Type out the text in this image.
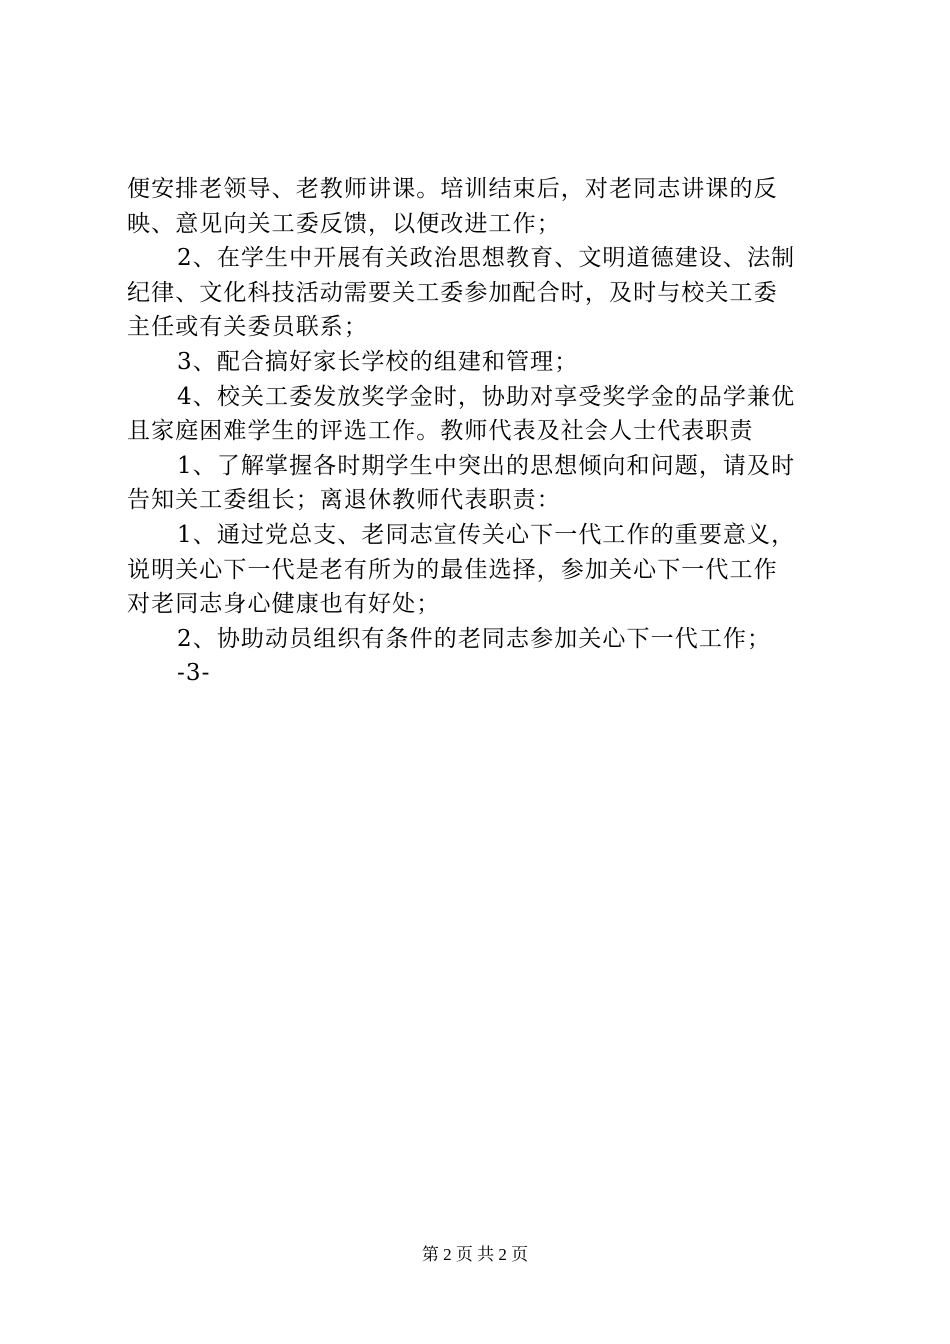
便安排老领导、老教师讲课。培训结束后，对老同志讲课的反
映、意见向关工委反馈，以便改进工作；
2、在学生中开展有关政治思想教育、文明道德建设、法制
纪律、文化科技活动需要关工委参加配合时，及时与校关工委
主任或有关委员联系；
3、配合搞好家长学校的组建和管理；
4、校关工委发放奖学金时，协助对享受奖学金的品学兼优
且家庭困难学生的评选工作。教师代表及社会人士代表职责
1、了解掌握各时期学生中突出的思想倾向和问题，请及时
告知关工委组长；离退休教师代表职责：
1、通过党总支、老同志宣传关心下一代工作的重要意义，
说明关心下一代是老有所为的最佳选择，参加关心下一代工作
对老同志身心健康也有好处；
2、协助动员组织有条件的老同志参加关心下一代工作；
-3-
第 2 页 共 2 页
